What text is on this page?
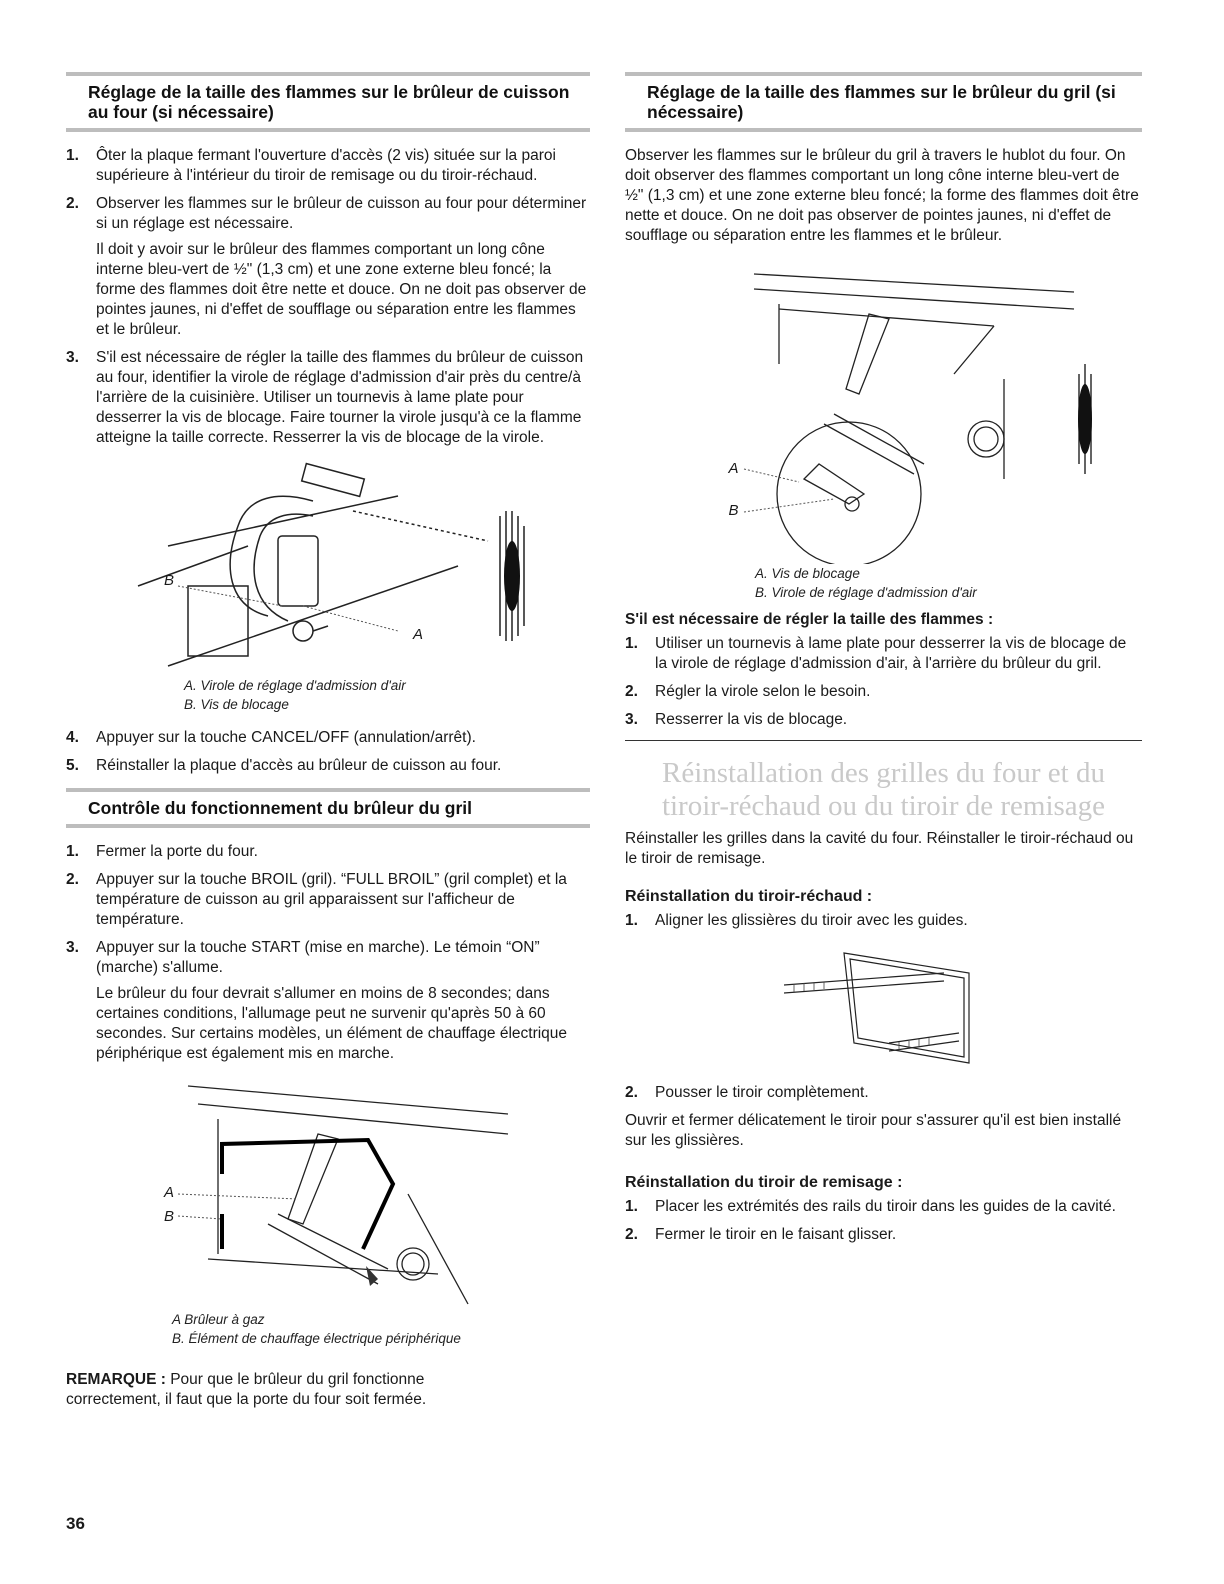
Réglage de la taille des flammes sur le brûleur de cuisson au four (si nécessaire)
1. Ôter la plaque fermant l'ouverture d'accès (2 vis) située sur la paroi supérieure à l'intérieur du tiroir de remisage ou du tiroir-réchaud.
2. Observer les flammes sur le brûleur de cuisson au four pour déterminer si un réglage est nécessaire.

Il doit y avoir sur le brûleur des flammes comportant un long cône interne bleu-vert de ½" (1,3 cm) et une zone externe bleu foncé; la forme des flammes doit être nette et douce. On ne doit pas observer de pointes jaunes, ni d'effet de soufflage ou séparation entre les flammes et le brûleur.

3. S'il est nécessaire de régler la taille des flammes du brûleur de cuisson au four, identifier la virole de réglage d'admission d'air près du centre/à l'arrière de la cuisinière. Utiliser un tournevis à lame plate pour desserrer la vis de blocage. Faire tourner la virole jusqu'à ce la flamme atteigne la taille correcte. Resserrer la vis de blocage de la virole.
B
A
A. Virole de réglage d'admission d'air
B. Vis de blocage
4. Appuyer sur la touche CANCEL/OFF (annulation/arrêt).
5. Réinstaller la plaque d'accès au brûleur de cuisson au four.
Contrôle du fonctionnement du brûleur du gril
1. Fermer la porte du four.
2. Appuyer sur la touche BROIL (gril). “FULL BROIL” (gril complet) et la température de cuisson au gril apparaissent sur l'afficheur de température.
3. Appuyer sur la touche START (mise en marche). Le témoin “ON” (marche) s'allume.

Le brûleur du four devrait s'allumer en moins de 8 secondes; dans certaines conditions, l'allumage peut ne survenir qu'après 50 à 60 secondes. Sur certains modèles, un élément de chauffage électrique périphérique est également mis en marche.

A
B
A Brûleur à gaz
B. Élément de chauffage électrique périphérique

REMARQUE : Pour que le brûleur du gril fonctionne correctement, il faut que la porte du four soit fermée.

Réglage de la taille des flammes sur le brûleur du gril (si nécessaire)

Observer les flammes sur le brûleur du gril à travers le hublot du four. On doit observer des flammes comportant un long cône interne bleu-vert de ½" (1,3 cm) et une zone externe bleu foncé; la forme des flammes doit être nette et douce. On ne doit pas observer de pointes jaunes, ni d'effet de soufflage ou séparation entre les flammes et le brûleur.

A
B
A. Vis de blocage
B. Virole de réglage d'admission d'air
S'il est nécessaire de régler la taille des flammes :
1. Utiliser un tournevis à lame plate pour desserrer la vis de blocage de la virole de réglage d'admission d'air, à l'arrière du brûleur du gril.
2. Régler la virole selon le besoin.
3. Resserrer la vis de blocage.
Réinstallation des grilles du four et du tiroir-réchaud ou du tiroir de remisage

Réinstaller les grilles dans la cavité du four. Réinstaller le tiroir-réchaud ou le tiroir de remisage.

Réinstallation du tiroir-réchaud :
1. Aligner les glissières du tiroir avec les guides.
2. Pousser le tiroir complètement.

Ouvrir et fermer délicatement le tiroir pour s'assurer qu'il est bien installé sur les glissières.

Réinstallation du tiroir de remisage :
1. Placer les extrémités des rails du tiroir dans les guides de la cavité.
2. Fermer le tiroir en le faisant glisser.
36
